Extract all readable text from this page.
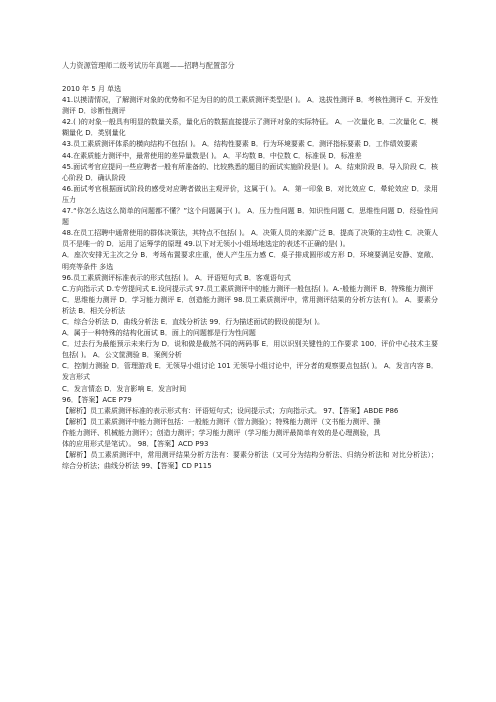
人力资源管理师二级考试历年真题——招聘与配置部分

2010 年 5 月 单选

41.以摸清情况，了解测评对象的优势和不足为目的的员工素质测评类型是( )。 A．选拔性测评 B．考核性测评 C．开发性测评 D．诊断性测评

42.( )的对象一般具有明显的数量关系，量化后的数据直接提示了测评对象的实际特征。 A．一次量化 B．二次量化 C．模糊量化 D．类别量化

43.员工素质测评体系的横向结构不包括( )。 A．结构性要素 B．行为环境要素 C．测评指标要素 D．工作绩效要素

44.在素质能力测评中，最常使用的差异量数是( )。 A．平均数 B．中位数 C．标准误 D．标准差

45.面试考官应提问一些应聘者一般有所准备的、比较熟悉的题目的面试实施阶段是( )。 A．结束阶段 B．导入阶段 C．核心阶段 D．确认阶段

46.面试考官根据面试阶段的感受对应聘者做出主观评价，这属于( )。 A．第一印象 B．对比效应 C．晕轮效应 D．录用压力

47.“你怎么选这么简单的问题都不懂？”这个问题属于( )。 A．压力性问题 B．知识性问题 C．思维性问题 D．经验性问题

48.在员工招聘中通常使用的群体决策法，其特点不包括( )。 A．决策人员的来源广泛 B．提高了决策的主动性 C．决策人员不是唯一的 D．运用了运筹学的原理 49.以下对无领小小组场地选定的表述不正确的是( )。

A．座次安排无主次之分 B．考场布置要求庄重，使人产生压力感 C．桌子排成圆形或方形 D．环境要满足安静、宽敞、明亮等条件 多选

96.员工素质测评标准表示的形式包括( )。 A．评语短句式 B．客观语句式

C.方向指示式 D.专劳提问式 E.设问提示式 97.员工素质测评中的能力测评一般包括( )。A.-般能力测评 B．特殊能力测评

C．思维能力测评 D．学习能力测评 E．创造能力测评 98.员工素质测评中，常用测评结果的分析方法有( )。 A．要素分析法 B．相关分析法

C．综合分析法 D．曲线分析法 E．直线分析法 99．行为描述面试的假设前提为( )。

A．属于一种特殊的结构化面试 B．面上的问题都是行为性问题

C．过去行为最能预示未来行为 D．说和做是截然不同的两码事 E．用以识别关键性的工作要求 100．评价中心技术主要包括( )。 A．公文筐测验 B．案例分析

C．控制力测验 D．管理游戏 E．无领导小组讨论 101 无领导小组讨论中，评分者的观察要点包括( )。 A．发言内容 B．发言形式

C．发言情态 D．发言影响 E．发言时间

96．【答案】ACE P79

【解析】员工素质测评标准的表示形式有：评语短句式；设问提示式；方向指示式。 97、【答案】ABDE P86

【解析】员工素质测评中能力测评包括：一般能力测评（智力测验）；特殊能力测评（文书能力测评、操

作能力测评、机械能力测评）；创造力测评；学习能力测评（学习能力测评最简单有效的是心理测验，具

体的应用形式是笔试）。 98．【答案】ACD P93

【解析】员工素质测评中，常用测评结果分析方法有：要素分析法（又可分为结构分析法、归纳分析法和 对比分析法）；综合分析法；曲线分析法 99、【答案】CD P115
